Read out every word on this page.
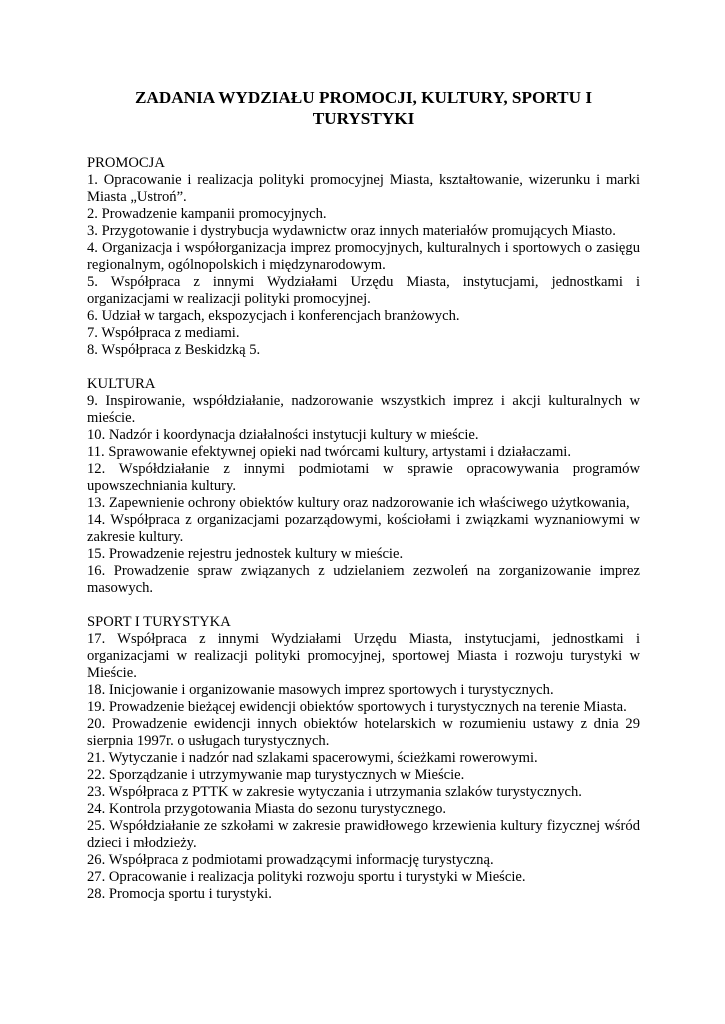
ZADANIA WYDZIAŁU PROMOCJI, KULTURY, SPORTU I
TURYSTYKI
PROMOCJA
1. Opracowanie i realizacja polityki promocyjnej Miasta, kształtowanie, wizerunku i marki Miasta „Ustroń”.
2. Prowadzenie kampanii promocyjnych.
3. Przygotowanie i dystrybucja wydawnictw oraz innych materiałów promujących Miasto.
4. Organizacja i współorganizacja imprez promocyjnych, kulturalnych i sportowych o zasięgu regionalnym, ogólnopolskich i międzynarodowym.
5. Współpraca z innymi Wydziałami Urzędu Miasta, instytucjami, jednostkami i organizacjami w realizacji polityki promocyjnej.
6. Udział w targach, ekspozycjach i konferencjach branżowych.
7. Współpraca z mediami.
8. Współpraca z Beskidzką 5.
KULTURA
9. Inspirowanie, współdziałanie, nadzorowanie wszystkich imprez i akcji kulturalnych w mieście.
10. Nadzór i koordynacja działalności instytucji kultury w mieście.
11. Sprawowanie efektywnej opieki nad twórcami kultury, artystami i działaczami.
12. Współdziałanie z innymi podmiotami w sprawie opracowywania programów upowszechniania kultury.
13. Zapewnienie ochrony obiektów kultury oraz nadzorowanie ich właściwego użytkowania,
14. Współpraca z organizacjami pozarządowymi, kościołami i związkami wyznaniowymi w zakresie kultury.
15. Prowadzenie rejestru jednostek kultury w mieście.
16. Prowadzenie spraw związanych z udzielaniem zezwoleń na zorganizowanie imprez masowych.
SPORT I TURYSTYKA
17. Współpraca z innymi Wydziałami Urzędu Miasta, instytucjami, jednostkami i organizacjami w realizacji polityki promocyjnej, sportowej Miasta i rozwoju turystyki w Mieście.
18. Inicjowanie i organizowanie masowych imprez sportowych i turystycznych.
19. Prowadzenie bieżącej ewidencji obiektów sportowych i turystycznych na terenie Miasta.
20. Prowadzenie ewidencji innych obiektów hotelarskich w rozumieniu ustawy z dnia 29 sierpnia 1997r. o usługach turystycznych.
21. Wytyczanie i nadzór nad szlakami spacerowymi, ścieżkami rowerowymi.
22. Sporządzanie i utrzymywanie map turystycznych w Mieście.
23. Współpraca z PTTK w zakresie wytyczania i utrzymania szlaków turystycznych.
24. Kontrola przygotowania Miasta do sezonu turystycznego.
25. Współdziałanie ze szkołami w zakresie prawidłowego krzewienia kultury fizycznej wśród dzieci i młodzieży.
26. Współpraca z podmiotami prowadzącymi informację turystyczną.
27. Opracowanie i realizacja polityki rozwoju sportu i turystyki w Mieście.
28. Promocja sportu i turystyki.
